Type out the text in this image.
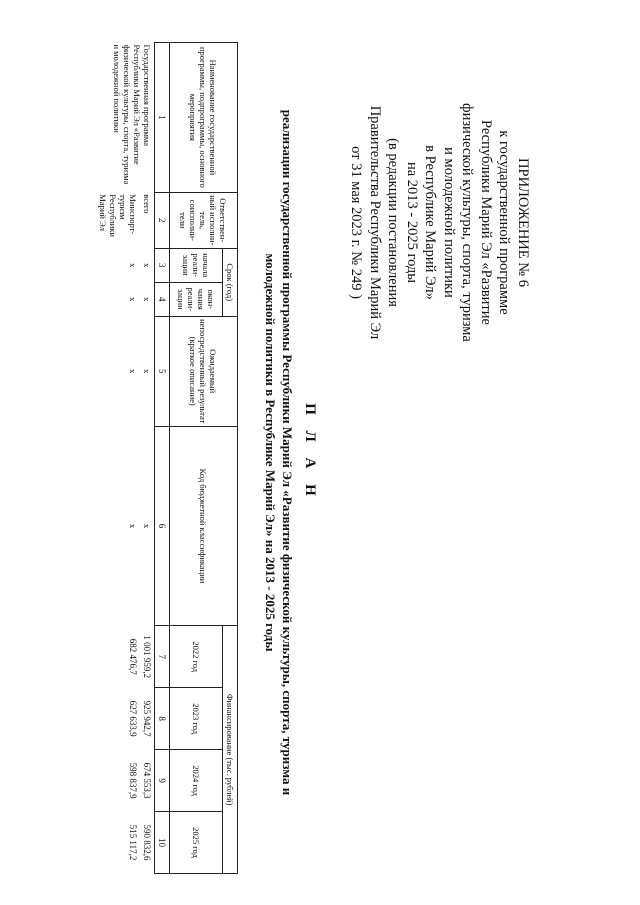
ПРИЛОЖЕНИЕ № 6
к государственной программе
Республики Марий Эл «Развитие
физической культуры, спорта, туризма
и молодежной политики
в Республике Марий Эл»
на 2013 - 2025 годы
(в редакции постановления
Правительства Республики Марий Эл
от 31 мая 2023 г. № 249 )
П Л А Н
реализации государственной программы Республики Марий Эл «Развитие физической культуры, спорта, туризма и
молодежной политики в Республике Марий Эл» на 2013 - 2025 годы
Наименование государственной программы, подпрограммы, основного мероприятия	Ответствен-ный исполни-тель, соисполни-тели	Срок (год)		Ожидаемый непосредственный результат (краткое описание)	Код бюджетной классификации	Финансирование (тыс. рублей)			
		начала реали-зации	окон-чания реали-зации			2022 год	2023 год	2024 год	2025 год
1	2	3	4	5	6	7	8	9	10
Государственная программа Республики Марий Эл «Развитие физической культуры, спорта, туризма и молодежной политики	всего	х	х	х	х	1 001 959,2	925 942,7	674 553,3	590 832,6
	Минспорт-туризм Республики Марий Эл	х	х	х	х	682 476,7	627 633,9	598 837,9	515 117,2
